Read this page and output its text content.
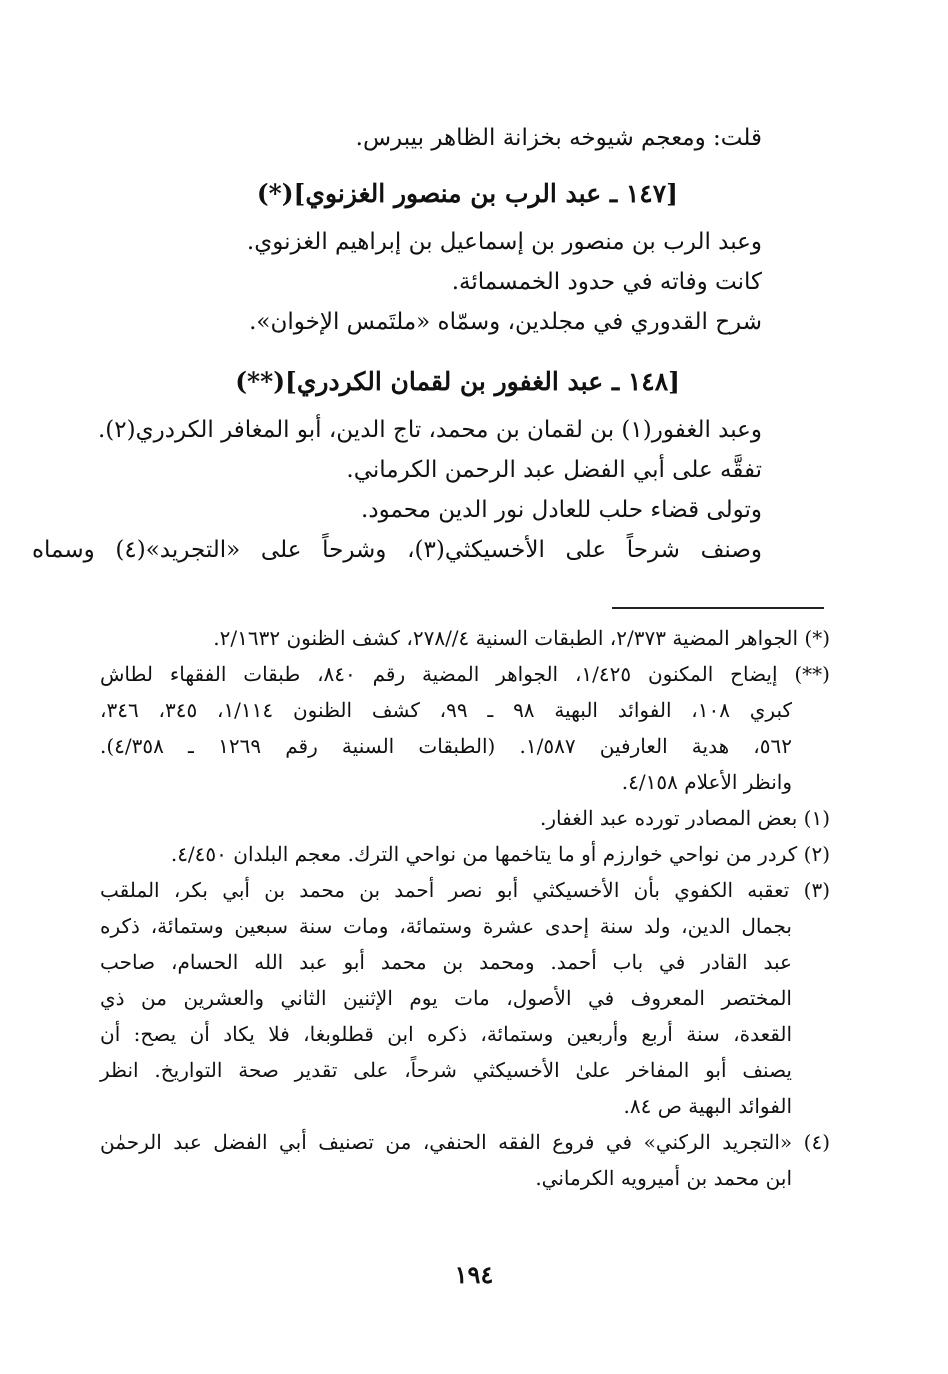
قلت: ومعجم شيوخه بخزانة الظاهر بيبرس.
[١٤٧ ـ عبد الرب بن منصور الغزنوي](*)
وعبد الرب بن منصور بن إسماعيل بن إبراهيم الغزنوي.
كانت وفاته في حدود الخمسمائة.
شرح القدوري في مجلدين، وسمّاه «ملتَمس الإخوان».
[١٤٨ ـ عبد الغفور بن لقمان الكردري](**)
وعبد الغفور(١) بن لقمان بن محمد، تاج الدين، أبو المغافر الكردري(٢).
تفقَّه على أبي الفضل عبد الرحمن الكرماني.
وتولى قضاء حلب للعادل نور الدين محمود.
وصنف شرحاً على الأخسيكثي(٣)، وشرحاً على «التجريد»(٤) وسماه
(*) الجواهر المضية ٢/٣٧٣، الطبقات السنية ٤//٢٧٨، كشف الظنون ٢/١٦٣٢.
(**) إيضاح المكنون ١/٤٢٥، الجواهر المضية رقم ٨٤٠، طبقات الفقهاء لطاش
كبري ١٠٨، الفوائد البهية ٩٨ ـ ٩٩، كشف الظنون ١/١١٤، ٣٤٥، ٣٤٦،
٥٦٢، هدية العارفين ١/٥٨٧. (الطبقات السنية رقم ١٢٦٩ ـ ٤/٣٥٨).
وانظر الأعلام ٤/١٥٨.
(١) بعض المصادر تورده عبد الغفار.
(٢) كردر من نواحي خوارزم أو ما يتاخمها من نواحي الترك. معجم البلدان ٤/٤٥٠.
(٣) تعقبه الكفوي بأن الأخسيكثي أبو نصر أحمد بن محمد بن أبي بكر، الملقب
بجمال الدين، ولد سنة إحدى عشرة وستمائة، ومات سنة سبعين وستمائة، ذكره
عبد القادر في باب أحمد. ومحمد بن محمد أبو عبد الله الحسام، صاحب
المختصر المعروف في الأصول، مات يوم الإثنين الثاني والعشرين من ذي
القعدة، سنة أربع وأربعين وستمائة، ذكره ابن قطلوبغا، فلا يكاد أن يصح: أن
يصنف أبو المفاخر علىٰ الأخسيكثي شرحاً، على تقدير صحة التواريخ. انظر
الفوائد البهية ص ٨٤.
(٤) «التجريد الركني» في فروع الفقه الحنفي، من تصنيف أبي الفضل عبد الرحمٰن
ابن محمد بن أميرويه الكرماني.
١٩٤
